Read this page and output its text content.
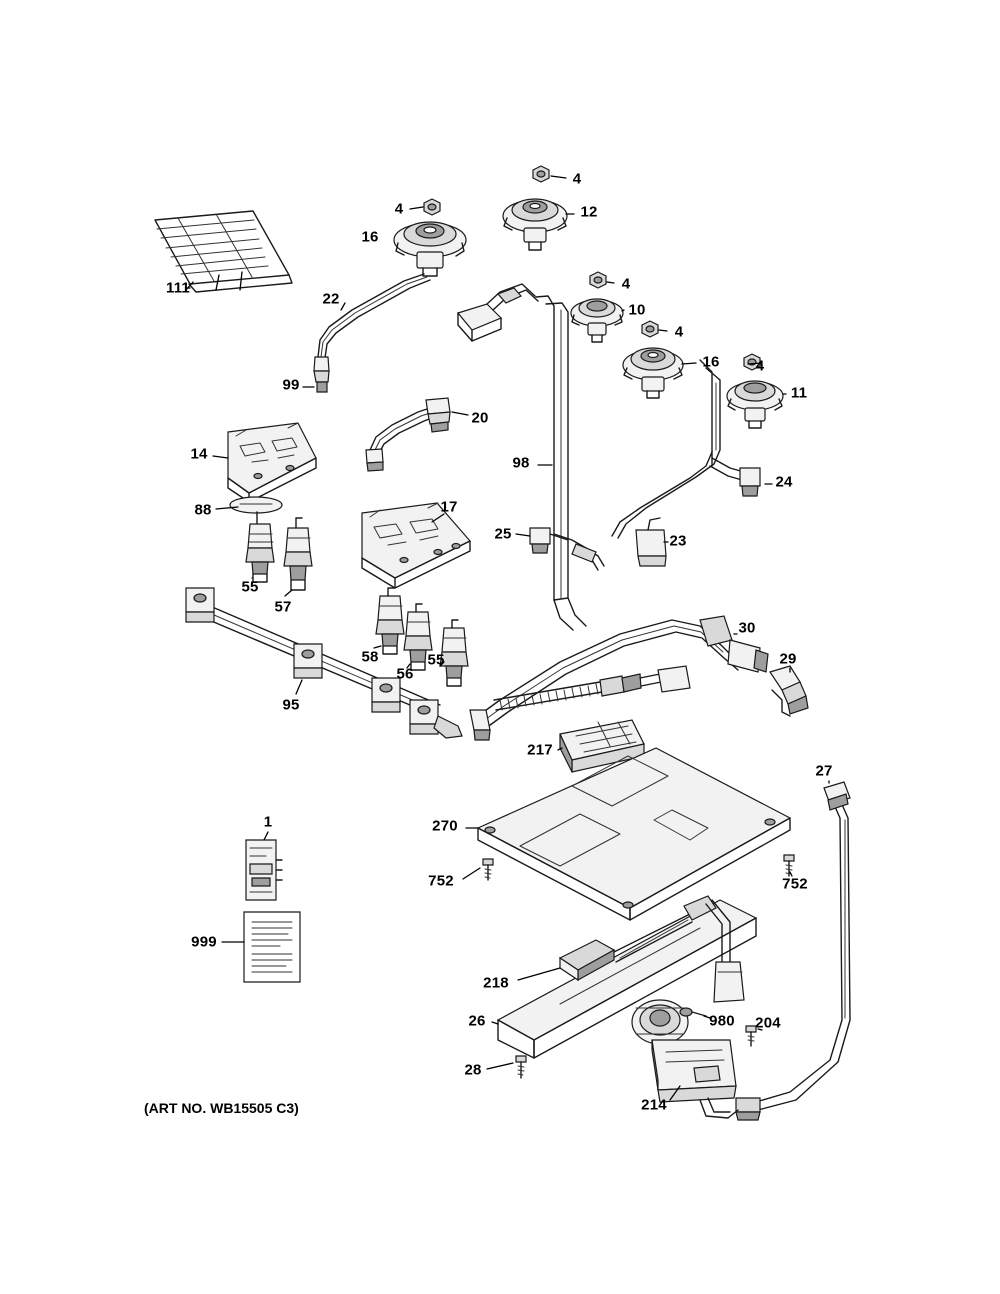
4
4	12
16
111	4
22
10
4
16 4
99	11
20
14
98
24
88	17
25	23
55
57
58
56
55
30
29
95
217
27
1	270
752	752
999
218
26	980 204
28
214
(ART NO. WB15505 C3)
